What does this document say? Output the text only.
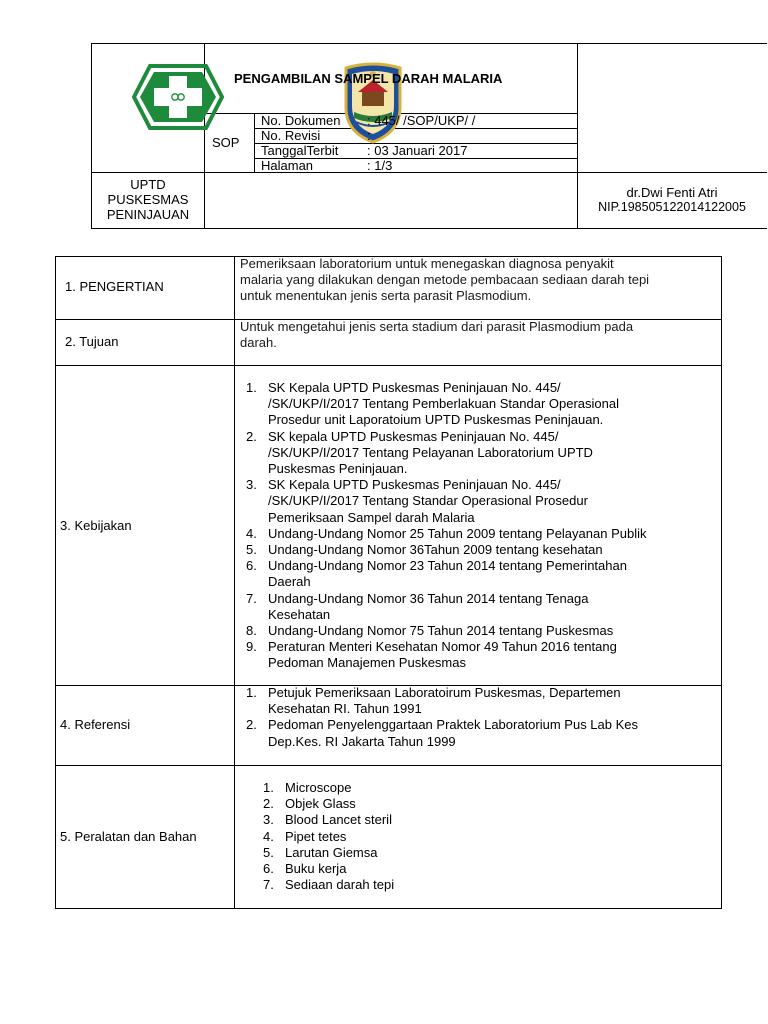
PENGAMBILAN SAMPEL DARAH MALARIA
SOP
No. Dokumen : 445/ /SOP/UKP/ /
No. Revisi	:
TanggalTerbit : 03 Januari 2017
Halaman	: 1/3
UPTD
PUSKESMAS
PENINJAUAN
dr.Dwi Fenti Atri
NIP.198505122014122005
1. PENGERTIAN
Pemeriksaan laboratorium untuk menegaskan diagnosa penyakit
malaria yang dilakukan dengan metode pembacaan sediaan darah tepi
untuk menentukan jenis serta parasit Plasmodium.
2. Tujuan
Untuk mengetahui jenis serta stadium dari parasit Plasmodium pada
darah.
3. Kebijakan
1. SK Kepala UPTD Puskesmas Peninjauan No. 445/
/SK/UKP/I/2017 Tentang Pemberlakuan Standar Operasional
Prosedur unit Laporatoium UPTD Puskesmas Peninjauan.
2. SK kepala UPTD Puskesmas Peninjauan No. 445/
/SK/UKP/I/2017 Tentang Pelayanan Laboratorium UPTD
Puskesmas Peninjauan.
3. SK Kepala UPTD Puskesmas Peninjauan No. 445/
/SK/UKP/I/2017 Tentang Standar Operasional Prosedur
Pemeriksaan Sampel darah Malaria
4. Undang-Undang Nomor 25 Tahun 2009 tentang Pelayanan Publik
5. Undang-Undang Nomor 36Tahun 2009 tentang kesehatan
6. Undang-Undang Nomor 23 Tahun 2014 tentang Pemerintahan
Daerah
7. Undang-Undang Nomor 36 Tahun 2014 tentang Tenaga
Kesehatan
8. Undang-Undang Nomor 75 Tahun 2014 tentang Puskesmas
9. Peraturan Menteri Kesehatan Nomor 49 Tahun 2016 tentang
Pedoman Manajemen Puskesmas
4. Referensi
1. Petujuk Pemeriksaan Laboratoirum Puskesmas, Departemen
Kesehatan RI. Tahun 1991
2. Pedoman Penyelenggartaan Praktek Laboratorium Pus Lab Kes
Dep.Kes. RI Jakarta Tahun 1999
5. Peralatan dan Bahan
1. Microscope
2. Objek Glass
3. Blood Lancet steril
4. Pipet tetes
5. Larutan Giemsa
6. Buku kerja
7. Sediaan darah tepi
